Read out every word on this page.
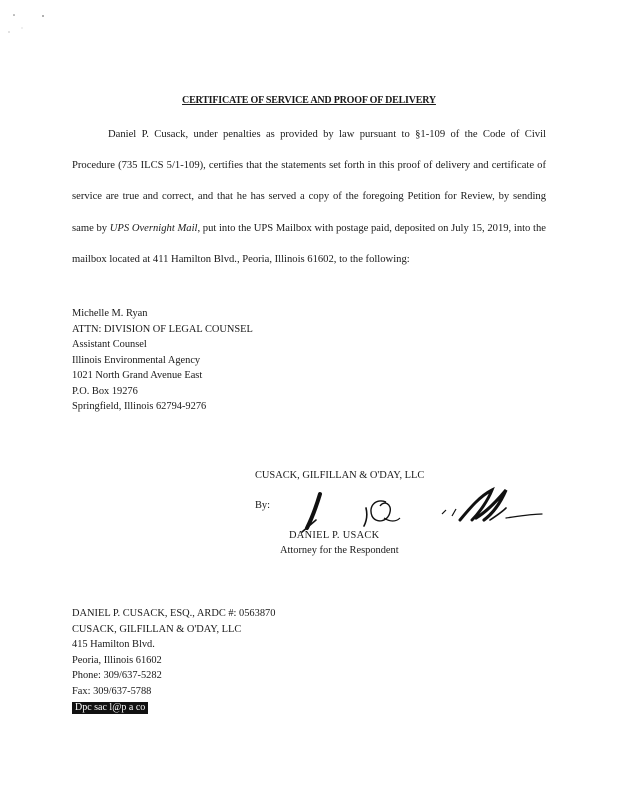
CERTIFICATE OF SERVICE AND PROOF OF DELIVERY

Daniel P. Cusack, under penalties as provided by law pursuant to §1-109 of the Code of Civil Procedure (735 ILCS 5/1-109), certifies that the statements set forth in this proof of delivery and certificate of service are true and correct, and that he has served a copy of the foregoing Petition for Review, by sending same by UPS Overnight Mail, put into the UPS Mailbox with postage paid, deposited on July 15, 2019, into the mailbox located at 411 Hamilton Blvd., Peoria, Illinois 61602, to the following:

Michelle M. Ryan
ATTN: DIVISION OF LEGAL COUNSEL
Assistant Counsel
Illinois Environmental Agency
1021 North Grand Avenue East
P.O. Box 19276
Springfield, Illinois 62794-9276
CUSACK, GILFILLAN & O'DAY, LLC
By:
DANIEL P. USACK
Attorney for the Respondent
DANIEL P. CUSACK, ESQ., ARDC #: 0563870
CUSACK, GILFILLAN & O'DAY, LLC
415 Hamilton Blvd.
Peoria, Illinois 61602
Phone: 309/637-5282
Fax: 309/637-5788
Dpc sac l@p a co
